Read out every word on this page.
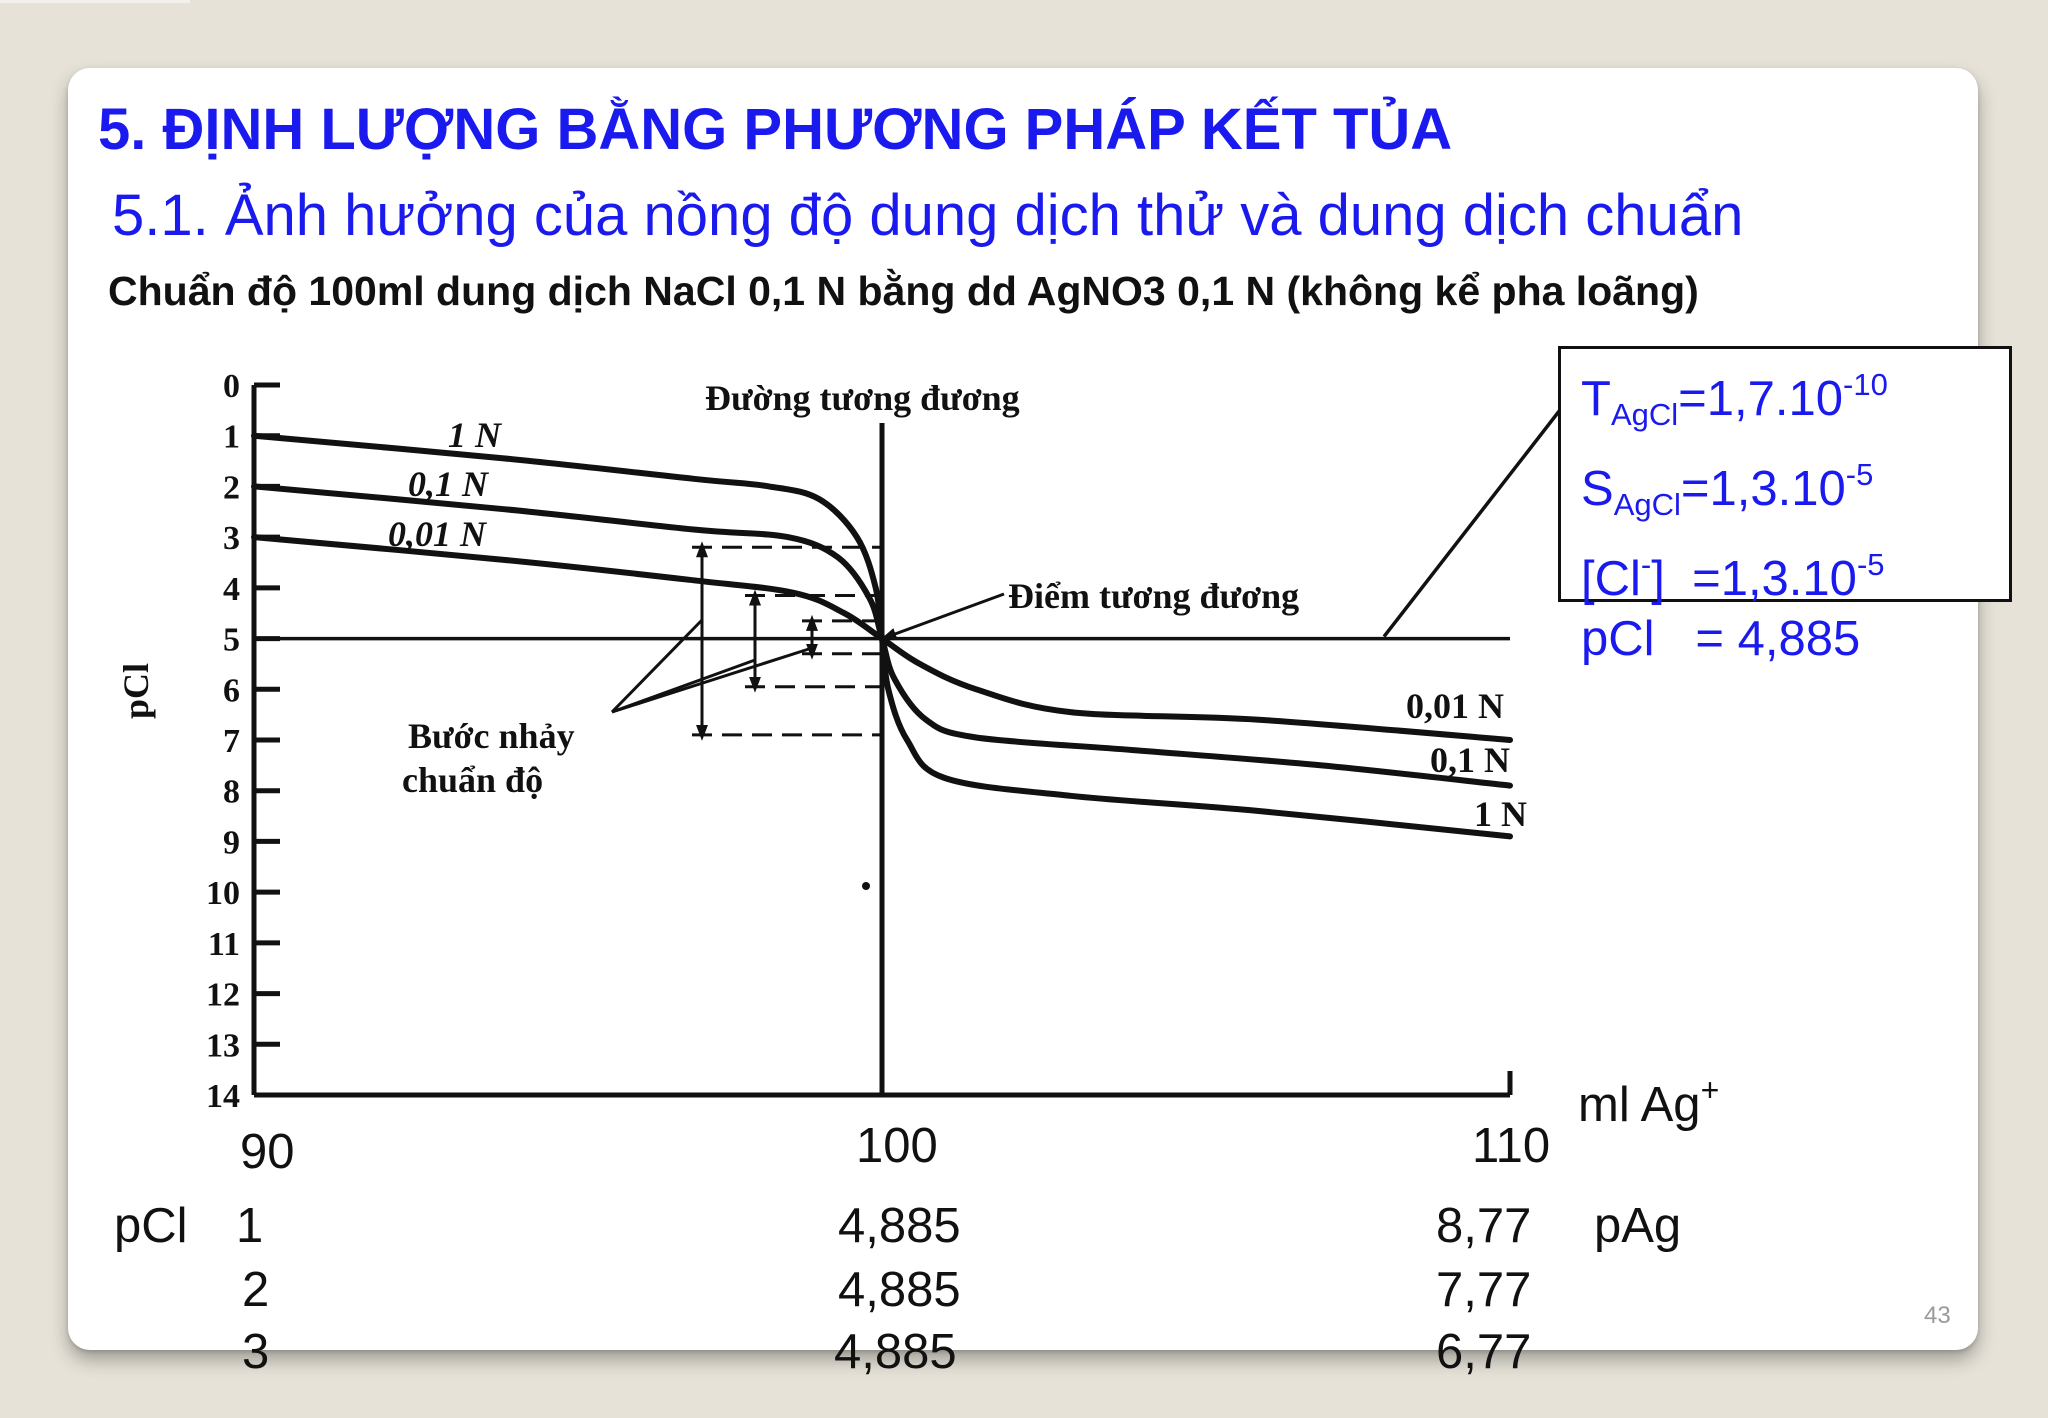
5. ĐỊNH LƯỢNG BẰNG PHƯƠNG PHÁP KẾT TỦA
5.1. Ảnh hưởng của nồng độ dung dịch thử và dung dịch chuẩn
Chuẩn độ 100ml dung dịch NaCl 0,1 N bằng dd AgNO3 0,1 N (không kể pha loãng)
0
1
2
3
4
5
6
7
8
9
10
11
12
13
14
Đường tương đương
Điểm tương đương
Bước nhảy
chuẩn độ
pCl
1 N
0,1 N
0,01 N
0,01 N
0,1 N
1 N
$T_{AgCl}=1,7.10^{-10}$
$S_{AgCl}=1,3.10^{-5}$
$[Cl^-] =1,3.10^{-5}$
pCl = 4,885
ml Ag+
90	100	110
pCl	pAg
1	4,885	8,77
2	4,885	7,77
3	4,885	6,77
43
